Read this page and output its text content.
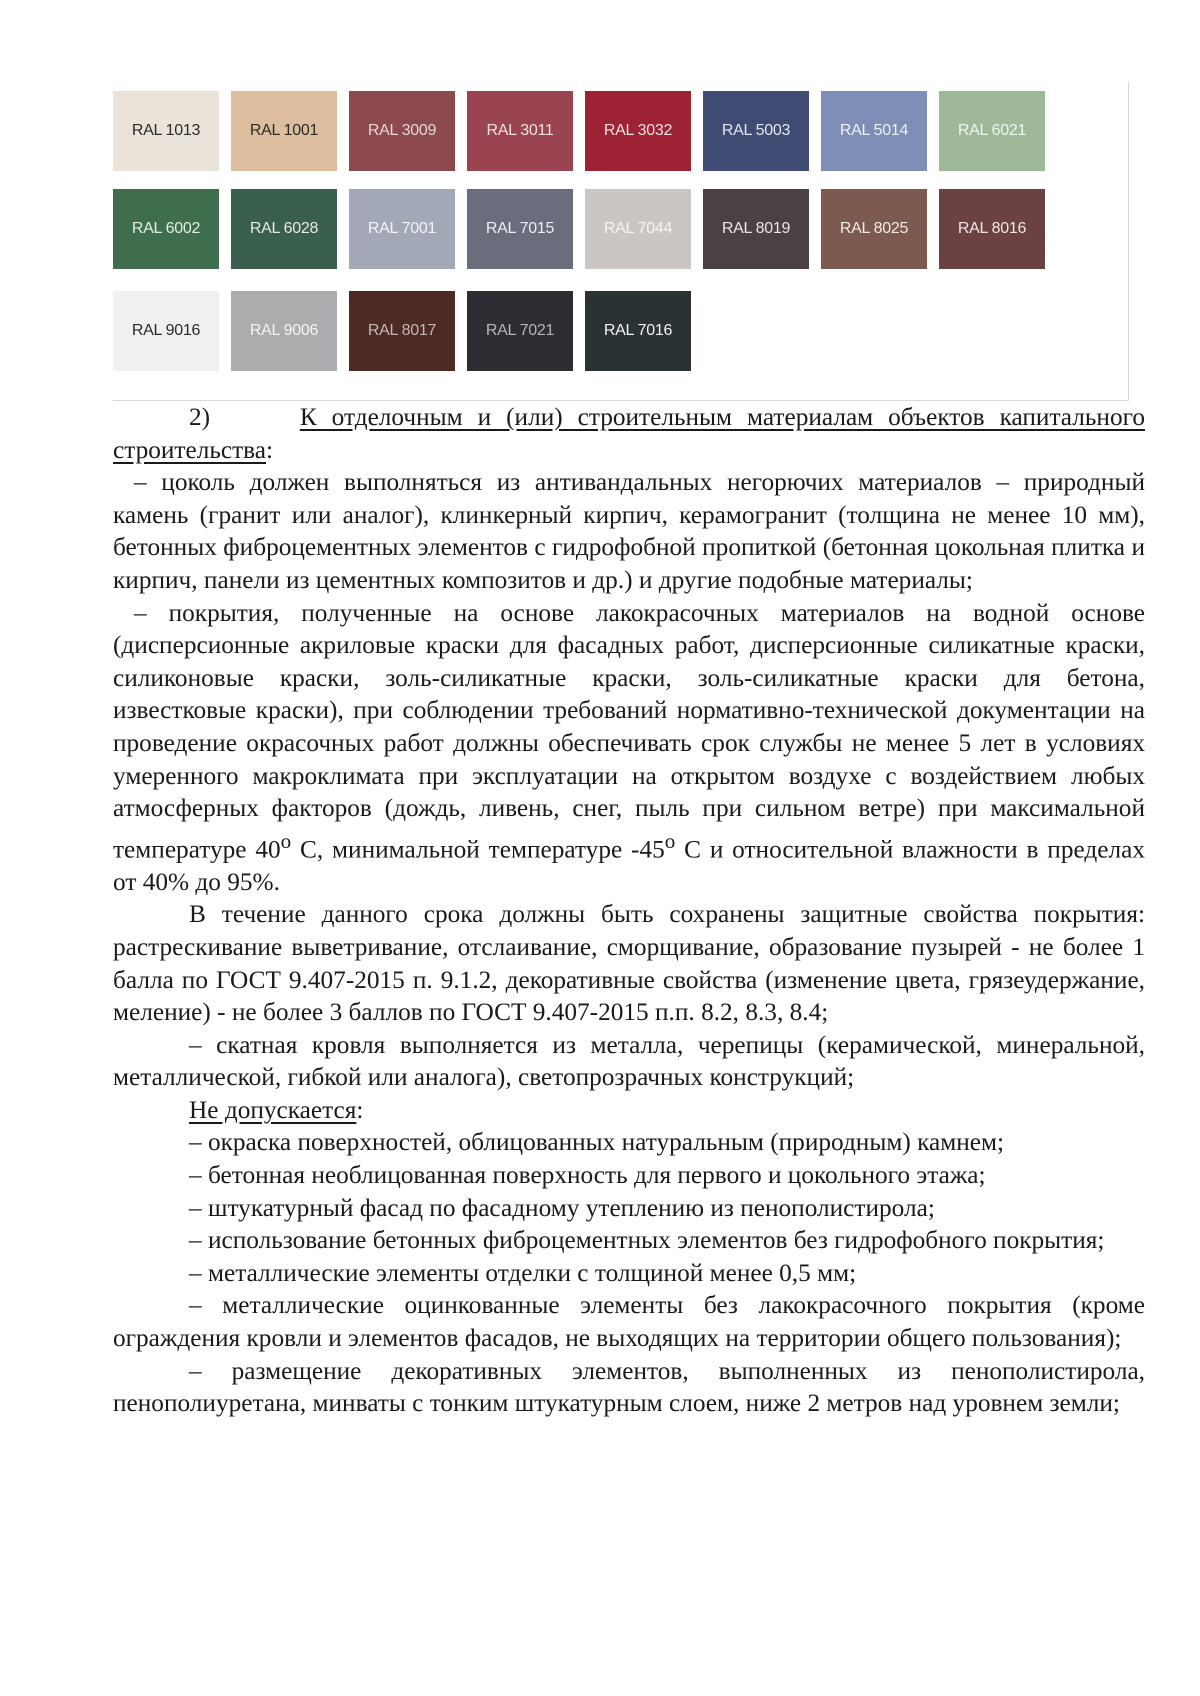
RAL 1013	RAL 1001	RAL 3009	RAL 3011	RAL 3032	RAL 5003	RAL 5014	RAL 6021
RAL 6002	RAL 6028	RAL 7001	RAL 7015	RAL 7044	RAL 8019	RAL 8025	RAL 8016
RAL 9016	RAL 9006	RAL 8017	RAL 7021	RAL 7016

2)	К отделочным и (или) строительным материалам объектов капитального строительства:

– цоколь должен выполняться из антивандальных негорючих материалов – природный камень (гранит или аналог), клинкерный кирпич, керамогранит (толщина не менее 10 мм), бетонных фиброцементных элементов с гидрофобной пропиткой (бетонная цокольная плитка и кирпич, панели из цементных композитов и др.) и другие подобные материалы;

– покрытия, полученные на основе лакокрасочных материалов на водной основе (дисперсионные акриловые краски для фасадных работ, дисперсионные силикатные краски, силиконовые краски, золь-силикатные краски, золь-силикатные краски для бетона, известковые краски), при соблюдении требований нормативно-технической документации на проведение окрасочных работ должны обеспечивать срок службы не менее 5 лет в условиях умеренного макроклимата при эксплуатации на открытом воздухе с воздействием любых атмосферных факторов (дождь, ливень, снег, пыль при сильном ветре) при максимальной температуре 40$^o$ С, минимальной температуре -45$^o$ С и относительной влажности в пределах от 40% до 95%.

В течение данного срока должны быть сохранены защитные свойства покрытия: растрескивание выветривание, отслаивание, сморщивание, образование пузырей - не более 1 балла по ГОСТ 9.407-2015 п. 9.1.2, декоративные свойства (изменение цвета, грязеудержание, меление) - не более 3 баллов по ГОСТ 9.407-2015 п.п. 8.2, 8.3, 8.4;

– скатная кровля выполняется из металла, черепицы (керамической, минеральной, металлической, гибкой или аналога), светопрозрачных конструкций;

Не допускается:

– окраска поверхностей, облицованных натуральным (природным) камнем;

– бетонная необлицованная поверхность для первого и цокольного этажа;

– штукатурный фасад по фасадному утеплению из пенополистирола;

– использование бетонных фиброцементных элементов без гидрофобного покрытия;

– металлические элементы отделки с толщиной менее 0,5 мм;

– металлические оцинкованные элементы без лакокрасочного покрытия (кроме ограждения кровли и элементов фасадов, не выходящих на территории общего пользования);

– размещение декоративных элементов, выполненных из пенополистирола, пенополиуретана, минваты с тонким штукатурным слоем, ниже 2 метров над уровнем земли;
